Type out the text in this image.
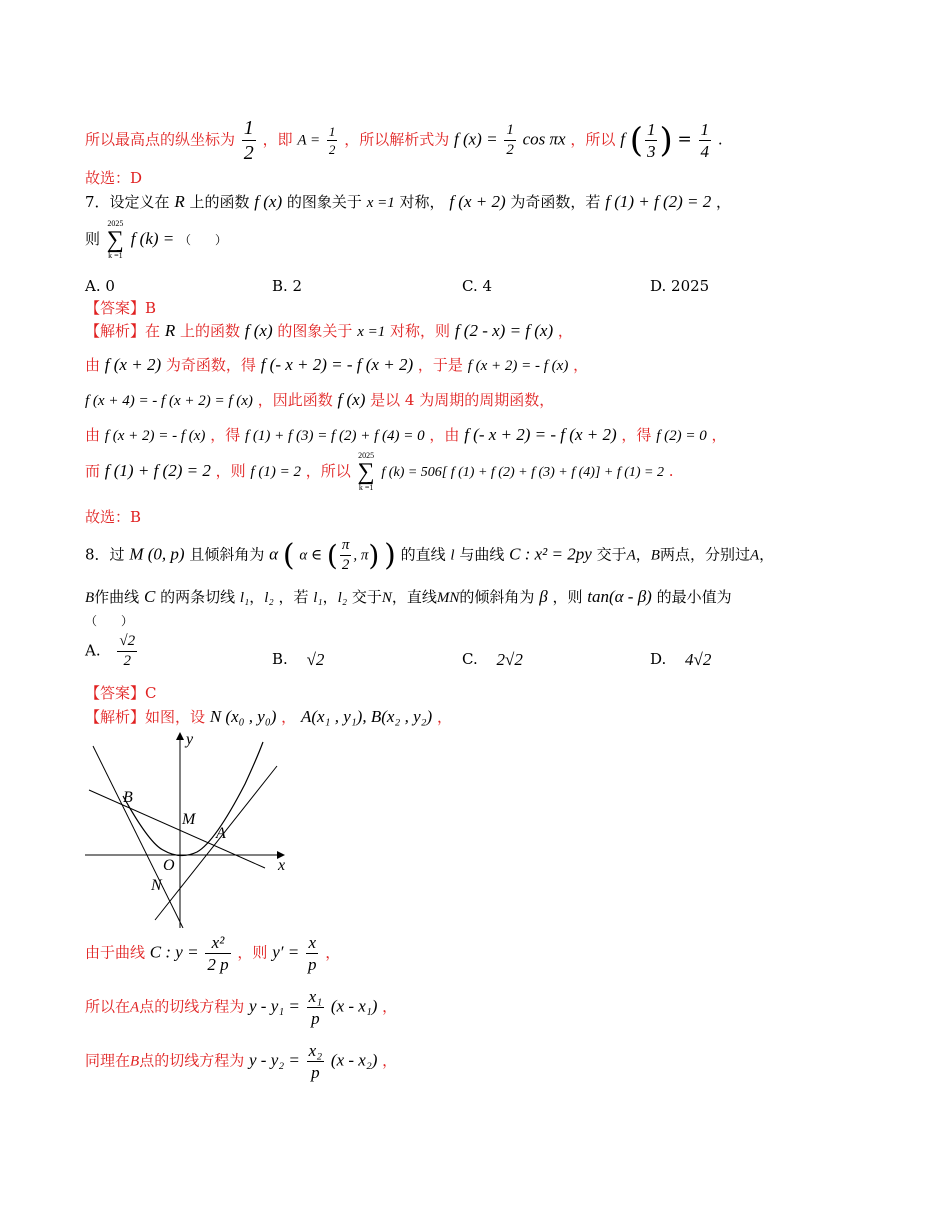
所以最高点的纵坐标为 $\frac{1}{2}$ ，即 $A = \frac{1}{2}$ ，所以解析式为 f $(x) = \frac{1}{2}$ cos πx ，所以 f ( $\frac{1}{3}$ ) = $\frac{1}{4}$ .
故选：D
7．设定义在 R 上的函数 f (x) 的图象关于 x =1 对称， f (x + 2) 为奇函数，若 f (1) + f (2) = 2 ，
则
2025
∑
k =1
f (k) = （　　）
A. 0	B. 2	C. 4	D. 2025
【答案】B
【解析】在 R 上的函数 f (x) 的图象关于 x =1 对称，则 f (2 - x) = f (x) ，
由 f (x + 2) 为奇函数，得 f (- x + 2) = - f (x + 2) ，于是 f (x + 2) = - f (x) ，
f (x + 4) = - f (x + 2) = f (x) ，因此函数 f (x) 是以 4 为周期的周期函数，
由 f (x + 2) = - f (x) ，得 f (1) + f (3) = f (2) + f (4) = 0 ，由 f (- x + 2) = - f (x + 2) ，得 f (2) = 0 ，
而 f (1) + f (2) = 2 ，则 f (1) = 2 ，所以
2025
∑
k =1
f (k) = 506[ f (1) + f (2) + f (3) + f (4)] + f (1) = 2 .
故选：B
8．过 M (0, p) 且倾斜角为 α ( α ∈ ( $\frac{\pi}{2}$ , π) ) 的直线 l 与曲线 C : x² = 2py 交于A，B两点，分别过A，
B作曲线 C 的两条切线 l₁，l₂ ，若 l₁，l₂ 交于N，直线MN的倾斜角为 β ，则 tan(α - β) 的最小值为
（　　）
A. $\frac{√2}{2}$	B. √2	C. 2√2	D. 4√2
【答案】C
【解析】如图，设 N (x₀ , y₀) ， A(x₁ , y₁), B(x₂ , y₂) ，
y
x
B
M
A
O
N
由于曲线 C : $y = \frac{\text{x²}}{2 p}$ ，则 $y' = \frac{x}{p}$ ，
所以在A点的切线方程为 $y - y_1 = \frac{\text{x₁}}{p} (x - x_1)$ ，
同理在B点的切线方程为 $y - y_2 = \frac{\text{x₂}}{p} (x - x_2)$ ，
